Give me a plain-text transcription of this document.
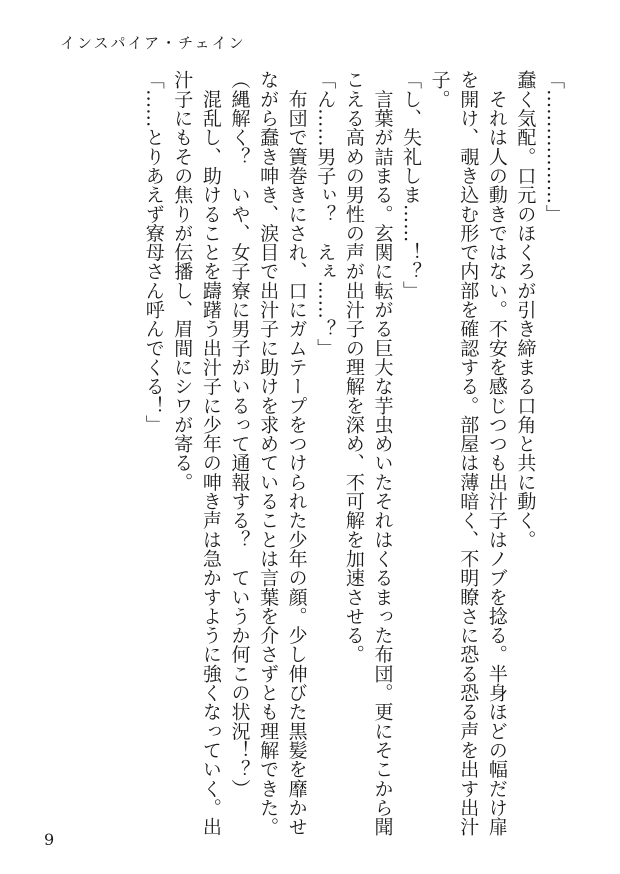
インスパイア・チェイン

「………………」

蠢く気配。口元のほくろが引き締まる口角と共に動く。

　それは人の動きではない。不安を感じつつも出汁子はノブを捻る。半身ほどの幅だけ扉を開け、覗き込む形で内部を確認する。部屋は薄暗く、不明瞭さに恐る恐る声を出す出汁子。

「し、失礼しま……！？」

　言葉が詰まる。玄関に転がる巨大な芋虫めいたそれはくるまった布団。更にそこから聞こえる高めの男性の声が出汁子の理解を深め、不可解を加速させる。

「ん……男子ぃ？　えぇ……？」

　布団で簀巻きにされ、口にガムテープをつけられた少年の顔。少し伸びた黒髪を靡かせながら蠢き呻き、涙目で出汁子に助けを求めていることは言葉を介さずとも理解できた。

（縄解く？　いや、女子寮に男子がいるって通報する？　ていうか何この状況！？）

　混乱し、助けることを躊躇う出汁子に少年の呻き声は急かすように強くなっていく。出汁子にもその焦りが伝播し、眉間にシワが寄る。

「……とりあえず寮母さん呼んでくる！」

9
